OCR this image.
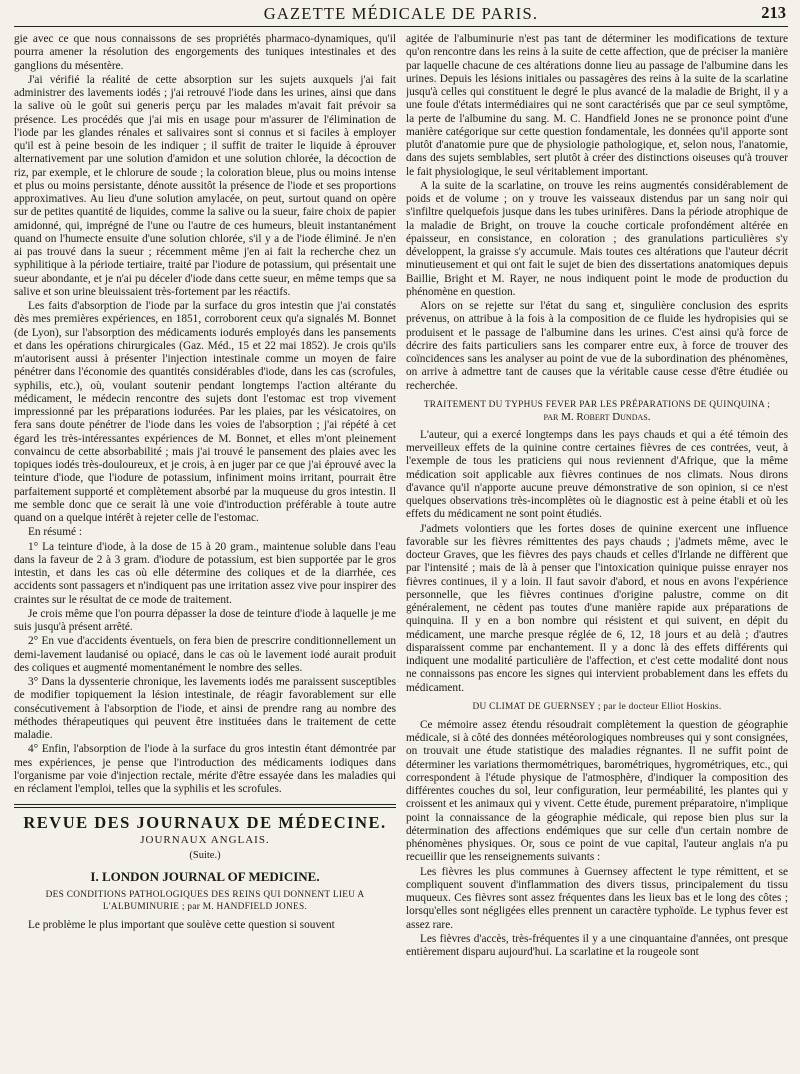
GAZETTE MÉDICALE DE PARIS.	213

gie avec ce que nous connaissons de ses propriétés pharmaco-dynamiques, qu'il pourra amener la résolution des engorgements des tuniques intestinales et des ganglions du mésentère.

J'ai vérifié la réalité de cette absorption sur les sujets auxquels j'ai fait administrer des lavements iodés ; j'ai retrouvé l'iode dans les urines, ainsi que dans la salive où le goût sui generis perçu par les malades m'avait fait prévoir sa présence. Les procédés que j'ai mis en usage pour m'assurer de l'élimination de l'iode par les glandes rénales et salivaires sont si connus et si faciles à employer qu'il est à peine besoin de les indiquer ; il suffit de traiter le liquide à éprouver alternativement par une solution d'amidon et une solution chlorée, la décoction de riz, par exemple, et le chlorure de soude ; la coloration bleue, plus ou moins intense et plus ou moins persistante, dénote aussitôt la présence de l'iode et ses proportions approximatives. Au lieu d'une solution amylacée, on peut, surtout quand on opère sur de petites quantité de liquides, comme la salive ou la sueur, faire choix de papier amidonné, qui, imprégné de l'une ou l'autre de ces humeurs, bleuit instantanément quand on l'humecte ensuite d'une solution chlorée, s'il y a de l'iode éliminé. Je n'en ai pas trouvé dans la sueur ; récemment même j'en ai fait la recherche chez un syphilitique à la période tertiaire, traité par l'iodure de potassium, qui présentait une sueur abondante, et je n'ai pu déceler d'iode dans cette sueur, en même temps que sa salive et son urine bleuissaient très-fortement par les réactifs.

Les faits d'absorption de l'iode par la surface du gros intestin que j'ai constatés dès mes premières expériences, en 1851, corroborent ceux qu'a signalés M. Bonnet (de Lyon), sur l'absorption des médicaments iodurés employés dans les pansements et dans les opérations chirurgicales (Gaz. Méd., 15 et 22 mai 1852). Je crois qu'ils m'autorisent aussi à présenter l'injection intestinale comme un moyen de faire pénétrer dans l'économie des quantités considérables d'iode, dans les cas (scrofules, syphilis, etc.), où, voulant soutenir pendant longtemps l'action altérante du médicament, le médecin rencontre des sujets dont l'estomac est trop vivement impressionné par les préparations iodurées. Par les plaies, par les vésicatoires, on fera sans doute pénétrer de l'iode dans les voies de l'absorption ; j'ai répété à cet égard les très-intéressantes expériences de M. Bonnet, et elles m'ont pleinement convaincu de cette absorbabilité ; mais j'ai trouvé le pansement des plaies avec les topiques iodés très-douloureux, et je crois, à en juger par ce que j'ai éprouvé avec la teinture d'iode, que l'iodure de potassium, infiniment moins irritant, pourrait être parfaitement supporté et complètement absorbé par la muqueuse du gros intestin. Il me semble donc que ce serait là une voie d'introduction préférable à toute autre quand on a quelque intérêt à rejeter celle de l'estomac.

En résumé :

1° La teinture d'iode, à la dose de 15 à 20 gram., maintenue soluble dans l'eau dans la faveur de 2 à 3 gram. d'iodure de potassium, est bien supportée par le gros intestin, et dans les cas où elle détermine des coliques et de la diarrhée, ces accidents sont passagers et n'indiquent pas une irritation assez vive pour inspirer des craintes sur le résultat de ce mode de traitement.

Je crois même que l'on pourra dépasser la dose de teinture d'iode à laquelle je me suis jusqu'à présent arrêté.

2° En vue d'accidents éventuels, on fera bien de prescrire conditionnellement un demi-lavement laudanisé ou opiacé, dans le cas où le lavement iodé aurait produit des coliques et augmenté momentanément le nombre des selles.

3° Dans la dyssenterie chronique, les lavements iodés me paraissent susceptibles de modifier topiquement la lésion intestinale, de réagir favorablement sur elle consécutivement à l'absorption de l'iode, et ainsi de prendre rang au nombre des méthodes thérapeutiques qui peuvent être instituées dans le traitement de cette maladie.

4° Enfin, l'absorption de l'iode à la surface du gros intestin étant démontrée par mes expériences, je pense que l'introduction des médicaments iodiques dans l'organisme par voie d'injection rectale, mérite d'être essayée dans les maladies qui en réclament l'emploi, telles que la syphilis et les scrofules.

REVUE DES JOURNAUX DE MÉDECINE.
JOURNAUX ANGLAIS.
(Suite.)
I. LONDON JOURNAL OF MEDICINE.
DES CONDITIONS PATHOLOGIQUES DES REINS QUI DONNENT LIEU A L'ALBUMINURIE ; par M. HANDFIELD JONES.

Le problème le plus important que soulève cette question si souvent

agitée de l'albuminurie n'est pas tant de déterminer les modifications de texture qu'on rencontre dans les reins à la suite de cette affection, que de préciser la manière par laquelle chacune de ces altérations donne lieu au passage de l'albumine dans les urines. Depuis les lésions initiales ou passagères des reins à la suite de la scarlatine jusqu'à celles qui constituent le degré le plus avancé de la maladie de Bright, il y a une foule d'états intermédiaires qui ne sont caractérisés que par ce seul symptôme, la perte de l'albumine du sang. M. C. Handfield Jones ne se prononce point d'une manière catégorique sur cette question fondamentale, les données qu'il apporte sont plutôt d'anatomie pure que de physiologie pathologique, et, selon nous, l'anatomie, dans des sujets semblables, sert plutôt à créer des distinctions oiseuses qu'à trouver le fait physiologique, le seul véritablement important.

A la suite de la scarlatine, on trouve les reins augmentés considérablement de poids et de volume ; on y trouve les vaisseaux distendus par un sang noir qui s'infiltre quelquefois jusque dans les tubes urinifères. Dans la période atrophique de la maladie de Bright, on trouve la couche corticale profondément altérée en épaisseur, en consistance, en coloration ; des granulations particulières s'y développent, la graisse s'y accumule. Mais toutes ces altérations que l'auteur décrit minutieusement et qui ont fait le sujet de bien des dissertations anatomiques depuis Baillie, Bright et M. Rayer, ne nous indiquent point le mode de production du phénomène en question.

Alors on se rejette sur l'état du sang et, singulière conclusion des esprits prévenus, on attribue à la fois à la composition de ce fluide les hydropisies qui se produisent et le passage de l'albumine dans les urines. C'est ainsi qu'à force de décrire des faits particuliers sans les comparer entre eux, à force de trouver des coïncidences sans les analyser au point de vue de la subordination des phénomènes, on arrive à admettre tant de causes que la véritable cause cesse d'être étudiée ou recherchée.

TRAITEMENT DU TYPHUS FEVER PAR LES PRÉPARATIONS DE QUINQUINA ;
par M. Robert Dundas.

L'auteur, qui a exercé longtemps dans les pays chauds et qui a été témoin des merveilleux effets de la quinine contre certaines fièvres de ces contrées, veut, à l'exemple de tous les praticiens qui nous reviennent d'Afrique, que la même médication soit applicable aux fièvres continues de nos climats. Nous dirons d'avance qu'il n'apporte aucune preuve démonstrative de son opinion, si ce n'est quelques observations très-incomplètes où le diagnostic est à peine établi et où les effets du médicament ne sont point étudiés.

J'admets volontiers que les fortes doses de quinine exercent une influence favorable sur les fièvres rémittentes des pays chauds ; j'admets même, avec le docteur Graves, que les fièvres des pays chauds et celles d'Irlande ne diffèrent que par l'intensité ; mais de là à penser que l'intoxication quinique puisse enrayer nos fièvres continues, il y a loin. Il faut savoir d'abord, et nous en avons l'expérience personnelle, que les fièvres continues d'origine palustre, comme on dit généralement, ne cèdent pas toutes d'une manière rapide aux préparations de quinquina. Il y en a bon nombre qui résistent et qui suivent, en dépit du médicament, une marche presque réglée de 6, 12, 18 jours et au delà ; d'autres disparaissent comme par enchantement. Il y a donc là des effets différents qui indiquent une modalité particulière de l'affection, et c'est cette modalité dont nous ne connaissons pas encore les signes qui intervient probablement dans les effets du médicament.

DU CLIMAT DE GUERNSEY ; par le docteur Elliot Hoskins.

Ce mémoire assez étendu résoudrait complètement la question de géographie médicale, si à côté des données météorologiques nombreuses qui y sont consignées, on trouvait une étude statistique des maladies régnantes. Il ne suffit point de déterminer les variations thermométriques, barométriques, hygrométriques, etc., qui correspondent à l'étude physique de l'atmosphère, d'indiquer la composition des différentes couches du sol, leur configuration, leur perméabilité, les plantes qui y croissent et les animaux qui y vivent. Cette étude, purement préparatoire, n'implique point la connaissance de la géographie médicale, qui repose bien plus sur la détermination des affections endémiques que sur celle d'un certain nombre de phénomènes physiques. Or, sous ce point de vue capital, l'auteur anglais n'a pu recueillir que les renseignements suivants :

Les fièvres les plus communes à Guernsey affectent le type rémittent, et se compliquent souvent d'inflammation des divers tissus, principalement du tissu muqueux. Ces fièvres sont assez fréquentes dans les lieux bas et le long des côtes ; lorsqu'elles sont négligées elles prennent un caractère typhoïde. Le typhus fever est assez rare.

Les fièvres d'accès, très-fréquentes il y a une cinquantaine d'années, ont presque entièrement disparu aujourd'hui. La scarlatine et la rougeole sont
